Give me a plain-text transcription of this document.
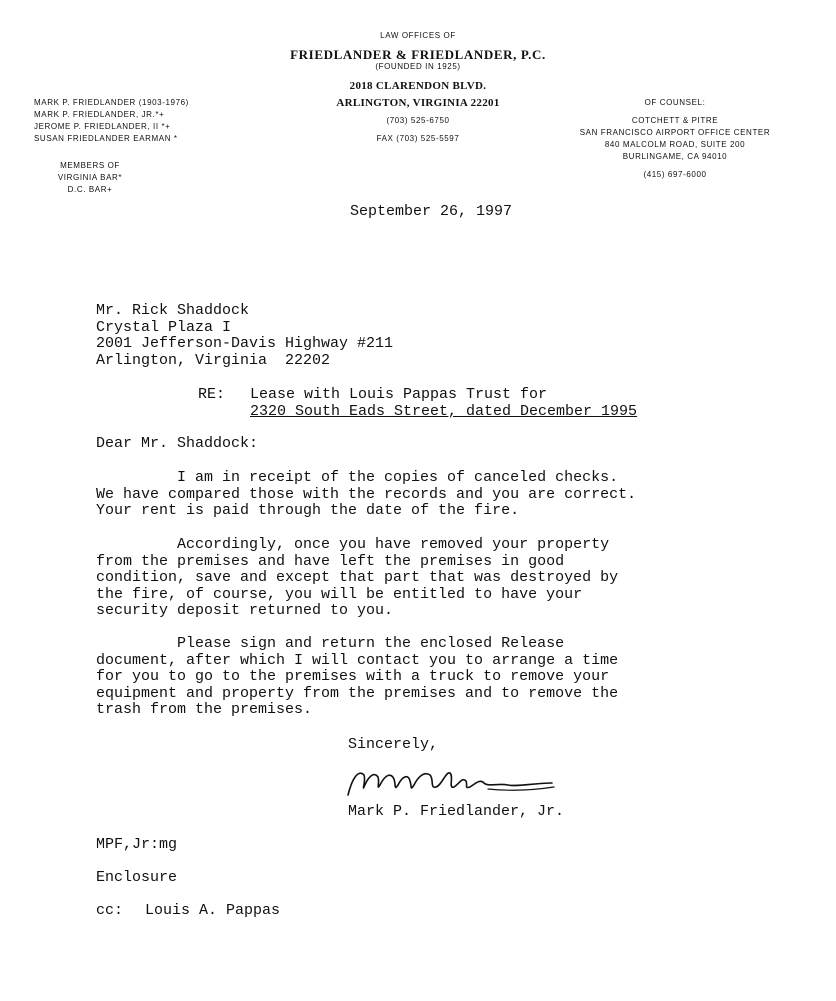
LAW OFFICES OF
FRIEDLANDER & FRIEDLANDER, P.C.
(FOUNDED IN 1925)
2018 CLARENDON BLVD.
ARLINGTON, VIRGINIA 22201
(703) 525-6750
FAX (703) 525-5597
MARK P. FRIEDLANDER (1903-1976)
MARK P. FRIEDLANDER, JR.*+
JEROME P. FRIEDLANDER, II *+
SUSAN FRIEDLANDER EARMAN *
MEMBERS OF
VIRGINIA BAR*
D.C. BAR+
OF COUNSEL:
COTCHETT & PITRE
SAN FRANCISCO AIRPORT OFFICE CENTER
840 MALCOLM ROAD, SUITE 200
BURLINGAME, CA 94010
(415) 697-6000
September 26, 1997
Mr. Rick Shaddock
Crystal Plaza I
2001 Jefferson-Davis Highway #211
Arlington, Virginia  22202
RE: Lease with Louis Pappas Trust for
2320 South Eads Street, dated December 1995
Dear Mr. Shaddock:
I am in receipt of the copies of canceled checks.
We have compared those with the records and you are correct.
Your rent is paid through the date of the fire.
Accordingly, once you have removed your property
from the premises and have left the premises in good
condition, save and except that part that was destroyed by
the fire, of course, you will be entitled to have your
security deposit returned to you.
Please sign and return the enclosed Release
document, after which I will contact you to arrange a time
for you to go to the premises with a truck to remove your
equipment and property from the premises and to remove the
trash from the premises.
Sincerely,
Mark P. Friedlander, Jr.
MPF,Jr:mg
Enclosure
cc: Louis A. Pappas
